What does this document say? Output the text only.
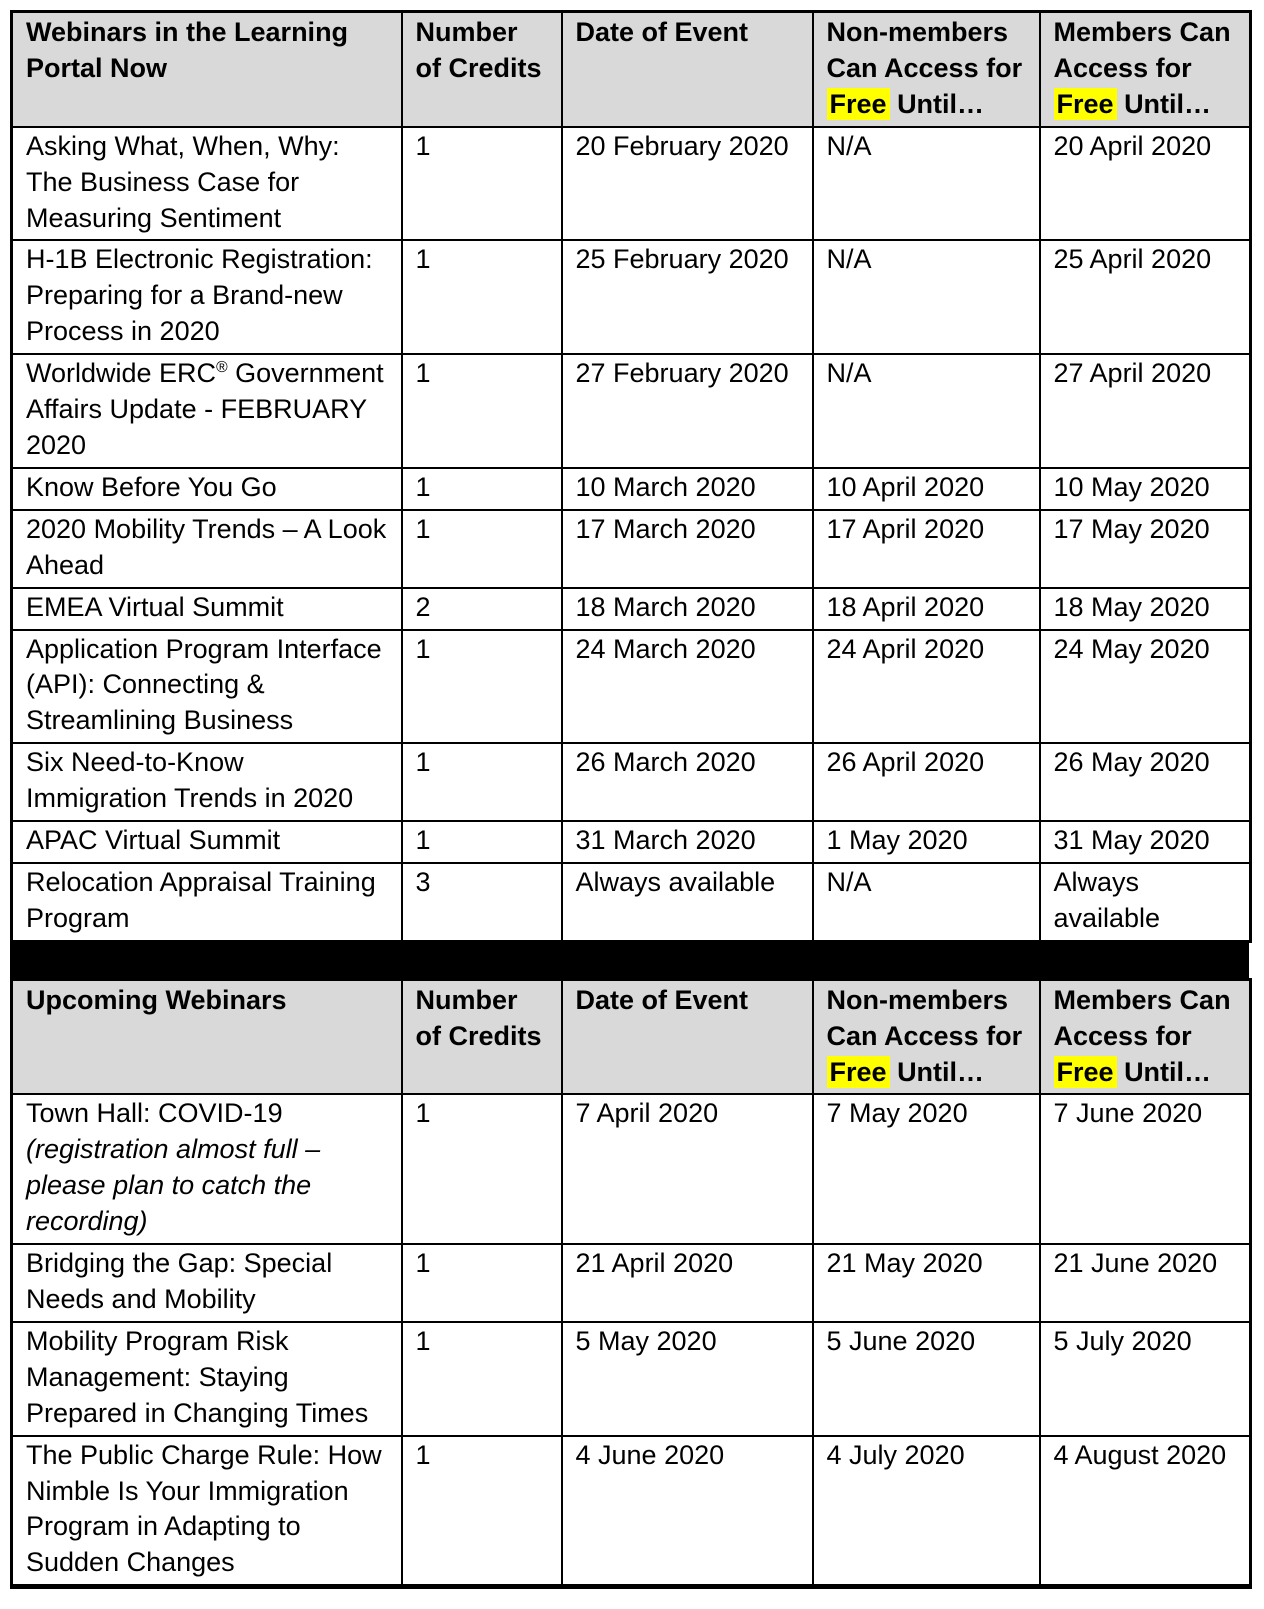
Webinars in the Learning Portal Now	Number of Credits	Date of Event	Non-members Can Access for Free Until…	Members Can Access for Free Until…
Asking What, When, Why: The Business Case for Measuring Sentiment	1	20 February 2020	N/A	20 April 2020
H-1B Electronic Registration: Preparing for a Brand-new Process in 2020	1	25 February 2020	N/A	25 April 2020
Worldwide ERC® Government Affairs Update - FEBRUARY 2020	1	27 February 2020	N/A	27 April 2020
Know Before You Go	1	10 March 2020	10 April 2020	10 May 2020
2020 Mobility Trends – A Look Ahead	1	17 March 2020	17 April 2020	17 May 2020
EMEA Virtual Summit	2	18 March 2020	18 April 2020	18 May 2020
Application Program Interface (API): Connecting & Streamlining Business	1	24 March 2020	24 April 2020	24 May 2020
Six Need-to-Know Immigration Trends in 2020	1	26 March 2020	26 April 2020	26 May 2020
APAC Virtual Summit	1	31 March 2020	1 May 2020	31 May 2020
Relocation Appraisal Training Program	3	Always available	N/A	Always available
Upcoming Webinars	Number of Credits	Date of Event	Non-members Can Access for Free Until…	Members Can Access for Free Until…
Town Hall: COVID-19 (registration almost full – please plan to catch the recording)	1	7 April 2020	7 May 2020	7 June 2020
Bridging the Gap: Special Needs and Mobility	1	21 April 2020	21 May 2020	21 June 2020
Mobility Program Risk Management: Staying Prepared in Changing Times	1	5 May 2020	5 June 2020	5 July 2020
The Public Charge Rule: How Nimble Is Your Immigration Program in Adapting to Sudden Changes	1	4 June 2020	4 July 2020	4 August 2020
